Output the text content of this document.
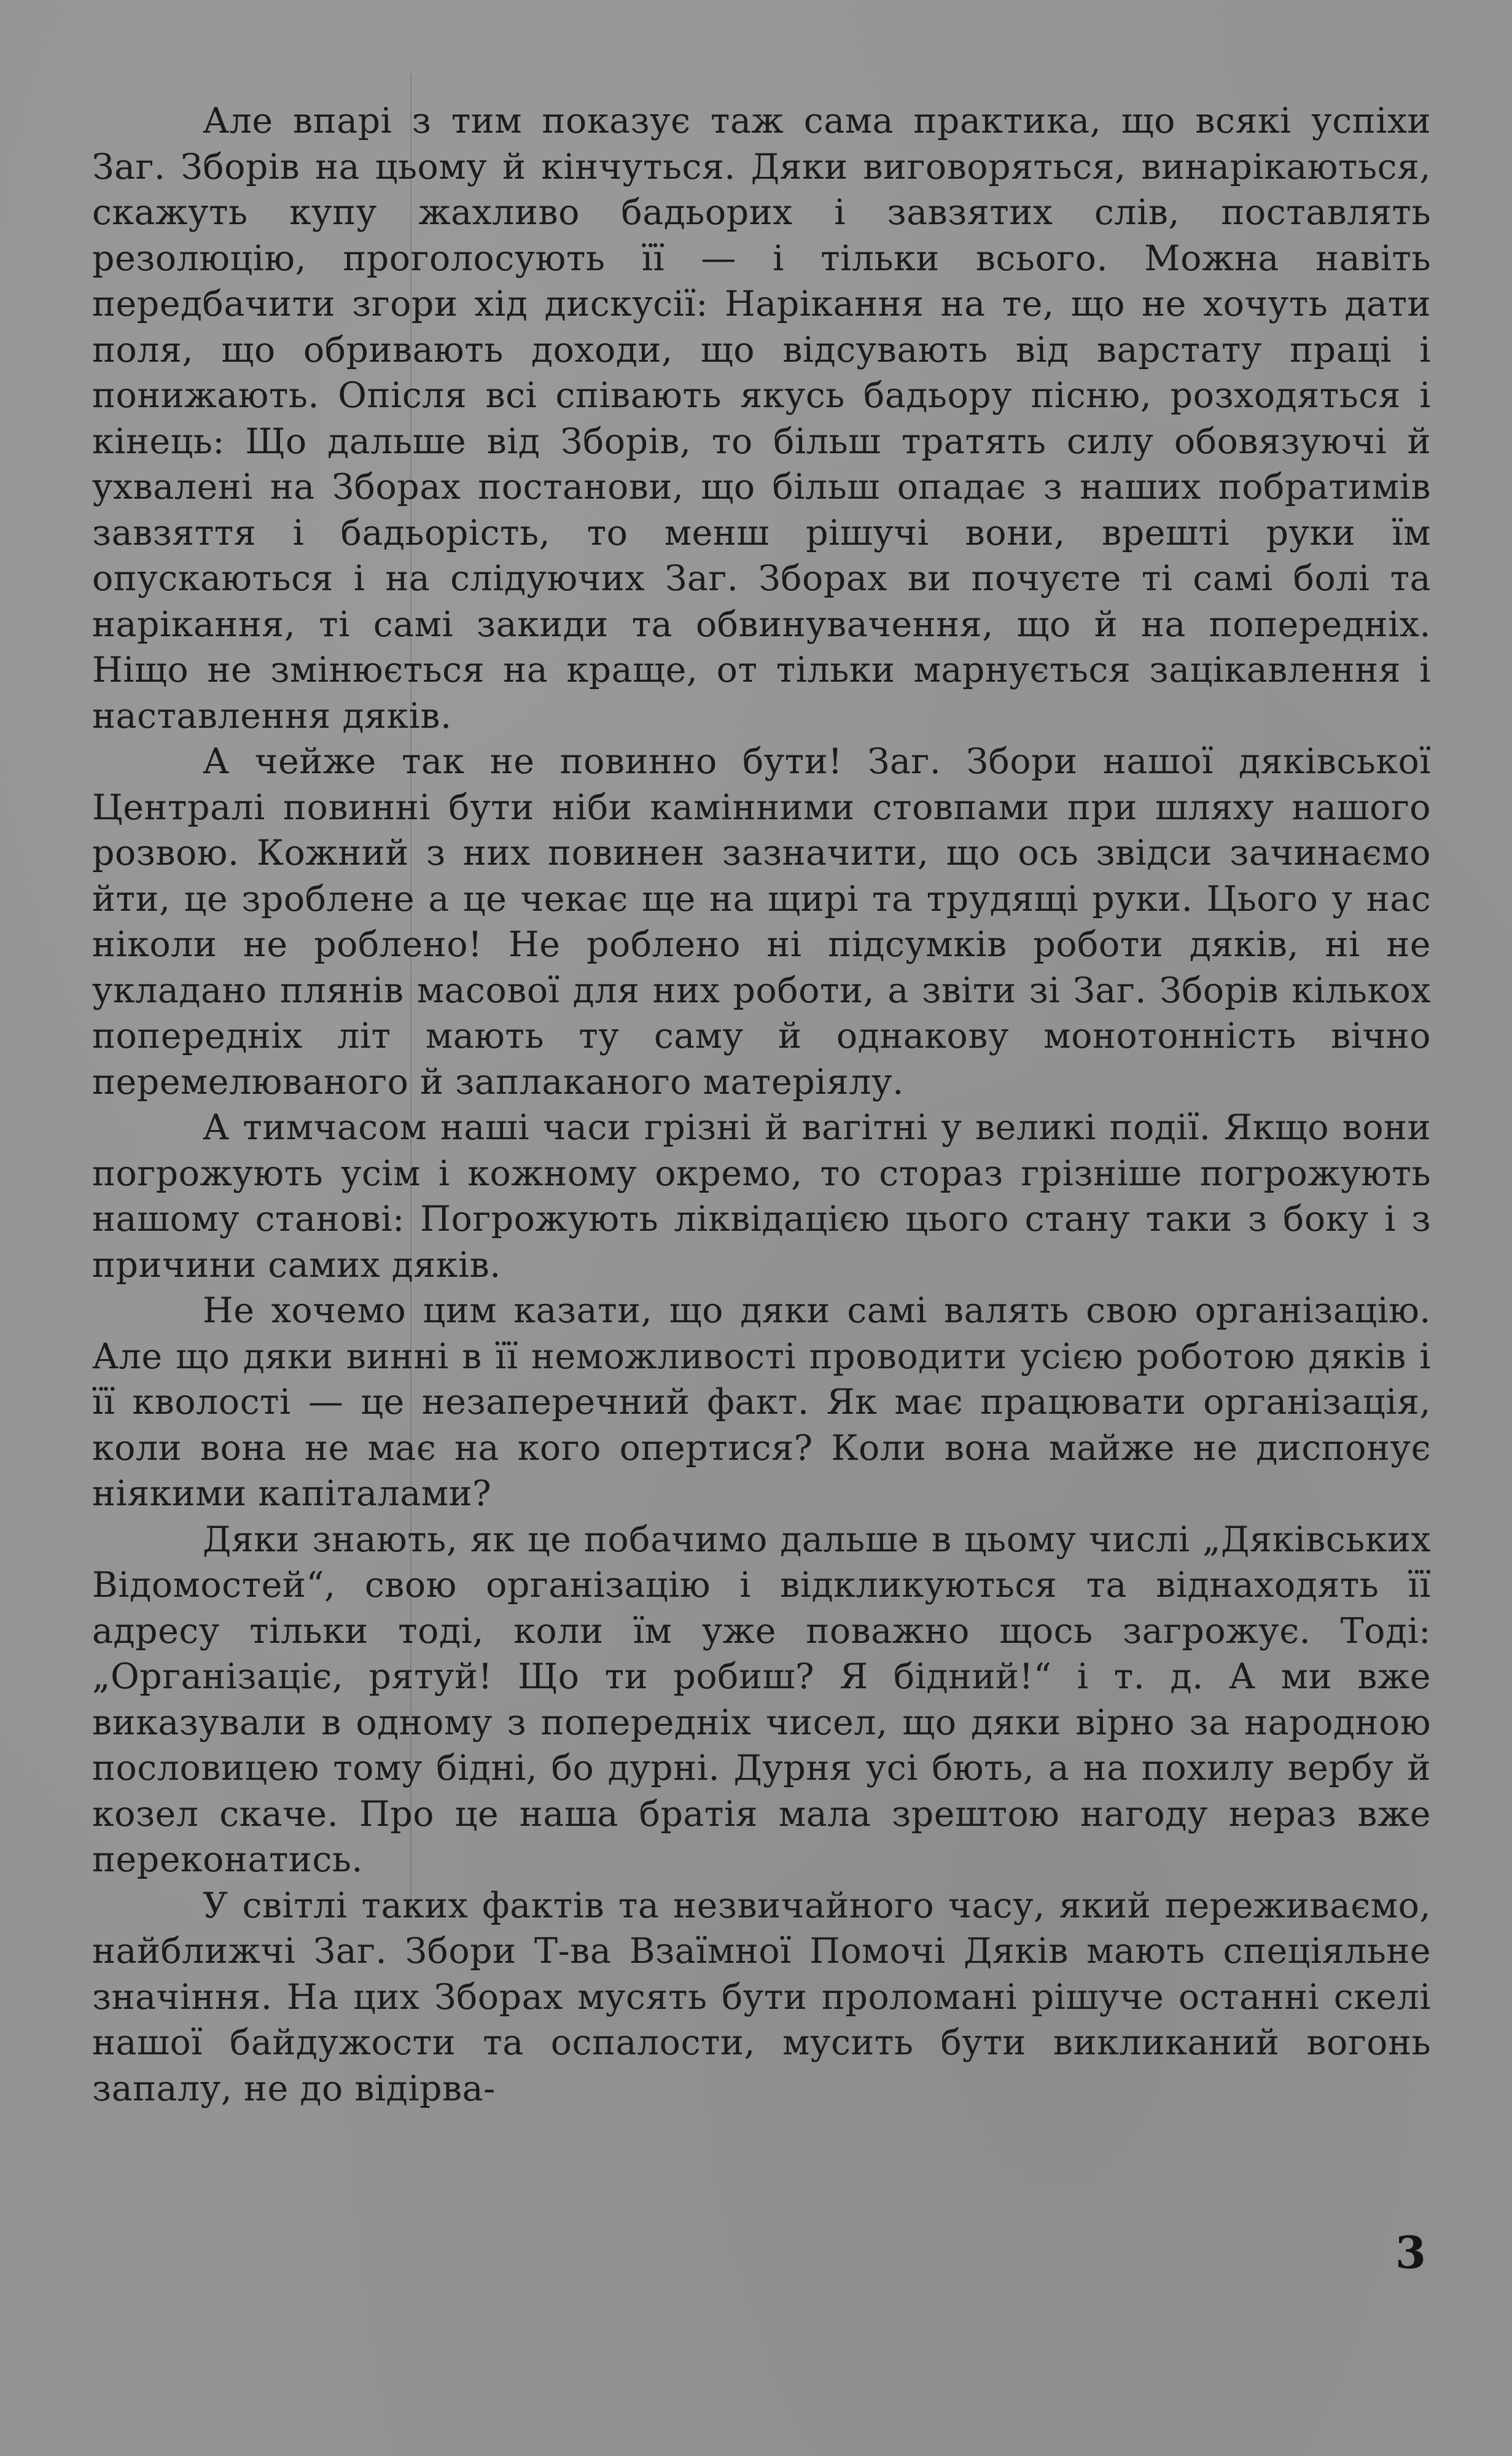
Але впарі з тим показує таж сама практика, що всякі успіхи Заг. Зборів на цьому й кінчуться. Дяки виговоряться, винарікаються, скажуть купу жахливо бадьорих і завзятих слів, поставлять резолюцію, проголосують її — і тільки всього. Можна навіть передбачити згори хід дискусії: Нарікання на те, що не хочуть дати поля, що обривають доходи, що відсувають від варстату праці і понижають. Опісля всі співають якусь бадьору пісню, розходяться і кінець: Що дальше від Зборів, то більш тратять силу обовязуючі й ухвалені на Зборах постанови, що більш опадає з наших побратимів завзяття і бадьорість, то менш рішучі вони, врешті руки їм опускаються і на слідуючих Заг. Зборах ви почуєте ті самі болі та нарікання, ті самі закиди та обвинувачення, що й на попередніх. Ніщо не змінюється на краще, от тільки марнується зацікавлення і наставлення дяків.

А чейже так не повинно бути! Заг. Збори нашої дяківської Централі повинні бути ніби камінними стовпами при шляху нашого розвою. Кожний з них повинен зазначити, що ось звідси зачинаємо йти, це зроблене а це чекає ще на щирі та трудящі руки. Цього у нас ніколи не роблено! Не роблено ні підсумків роботи дяків, ні не укладано плянів масової для них роботи, а звіти зі Заг. Зборів кількох попередніх літ мають ту саму й однакову монотонність вічно перемелюваного й заплаканого матеріялу.

А тимчасом наші часи грізні й вагітні у великі події. Якщо вони погрожують усім і кожному окремо, то стораз грізніше погрожують нашому станові: Погрожують ліквідацією цього стану таки з боку і з причини самих дяків.

Не хочемо цим казати, що дяки самі валять свою організацію. Але що дяки винні в її неможливості проводити усією роботою дяків і її кволості — це незаперечний факт. Як має працювати організація, коли вона не має на кого опертися? Коли вона майже не диспонує ніякими капіталами?

Дяки знають, як це побачимо дальше в цьому числі „Дяківських Відомостей“, свою організацію і відкликуються та віднаходять її адресу тільки тоді, коли їм уже поважно щось загрожує. Тоді: „Організаціє, рятуй! Що ти робиш? Я бідний!“ і т. д. А ми вже виказували в одному з попередніх чисел, що дяки вірно за народною пословицею тому бідні, бо дурні. Дурня усі бють, а на похилу вербу й козел скаче. Про це наша братія мала зрештою нагоду нераз вже переконатись.

У світлі таких фактів та незвичайного часу, який переживаємо, найближчі Заг. Збори Т-ва Взаїмної Помочі Дяків мають спеціяльне значіння. На цих Зборах мусять бути проломані рішуче останні скелі нашої байдужости та оспалости, мусить бути викликаний вогонь запалу, не до відірва-

3
